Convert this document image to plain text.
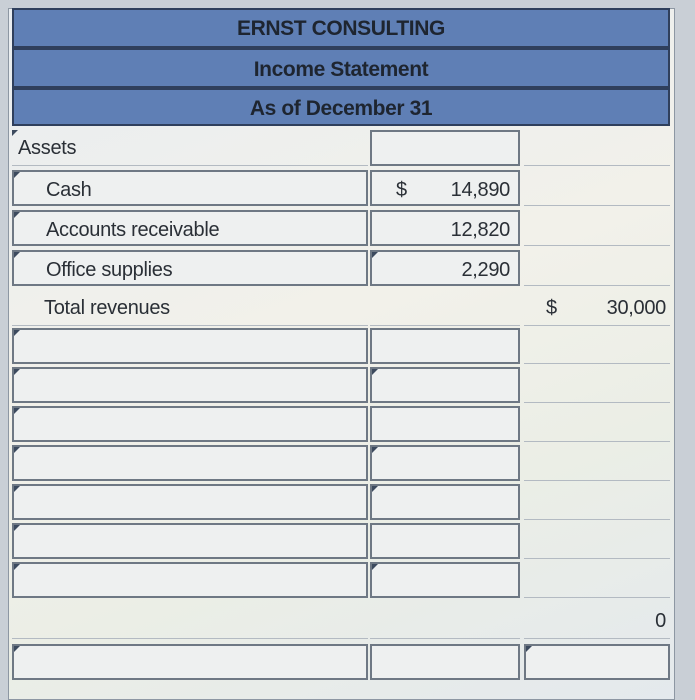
ERNST CONSULTING
Income Statement
As of December 31
Assets
Cash	$ 14,890
Accounts receivable	12,820
Office supplies	2,290
Total revenues	$ 30,000
0
